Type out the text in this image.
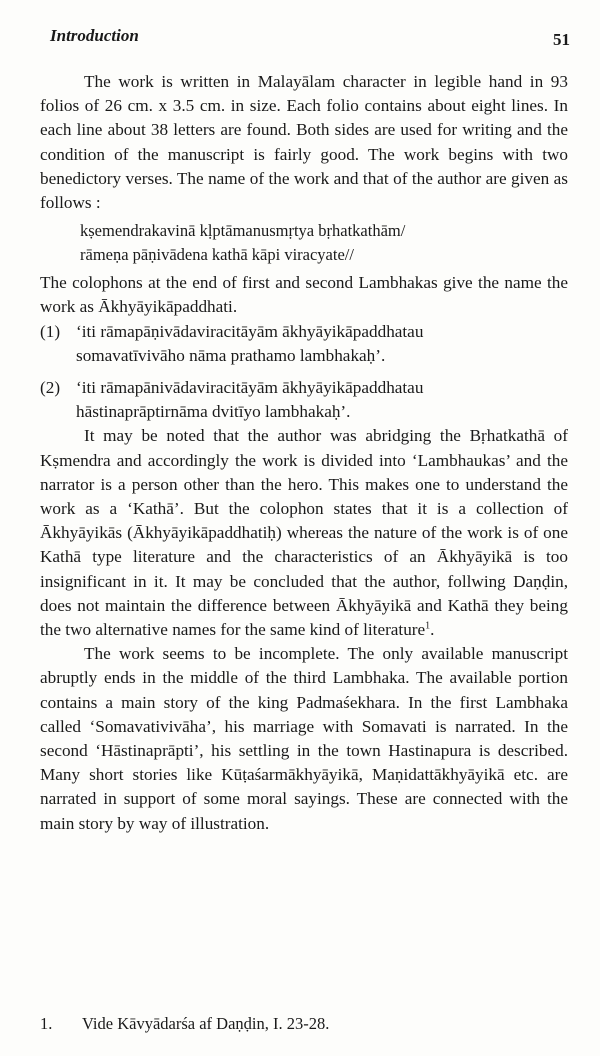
Introduction	51

The work is written in Malayālam character in legible hand in 93 folios of 26 cm. x 3.5 cm. in size. Each folio contains about eight lines. In each line about 38 letters are found. Both sides are used for writing and the condition of the manuscript is fairly good. The work begins with two benedictory verses. The name of the work and that of the author are given as follows :

kṣemendrakavinā kḷptāmanusmṛtya bṛhatkathām/
rāmeṇa pāṇivādena kathā kāpi viracyate//

The colophons at the end of first and second Lambhakas give the name the work as Ākhyāyikāpaddhati.

(1) ‘iti rāmapāṇivādaviracitāyām ākhyāyikāpaddhatau
somavatīvivāho nāma prathamo lambhakaḥ’.
(2) ‘iti rāmapānivādaviracitāyām ākhyāyikāpaddhatau
hāstinaprāptirnāma dvitīyo lambhakaḥ’.

It may be noted that the author was abridging the Bṛhatkathā of Kṣmendra and accordingly the work is divided into ‘Lambhaukas’ and the narrator is a person other than the hero. This makes one to understand the work as a ‘Kathā’. But the colophon states that it is a collection of Ākhyāyikās (Ākhyāyikāpaddhatiḥ) whereas the nature of the work is of one Kathā type literature and the characteristics of an Ākhyāyikā is too insignificant in it. It may be concluded that the author, follwing Daṇḍin, does not maintain the difference between Ākhyāyikā and Kathā they being the two alternative names for the same kind of literature$^1$.

The work seems to be incomplete. The only available manuscript abruptly ends in the middle of the third Lambhaka. The available portion contains a main story of the king Padmaśekhara. In the first Lambhaka called ‘Somavativivāha’, his marriage with Somavati is narrated. In the second ‘Hāstinaprāpti’, his settling in the town Hastinapura is described. Many short stories like Kūṭaśarmākhyāyikā, Maṇidattākhyāyikā etc. are narrated in support of some moral sayings. These are connected with the main story by way of illustration.

1. Vide Kāvyādarśa af Daṇḍin, I. 23-28.
